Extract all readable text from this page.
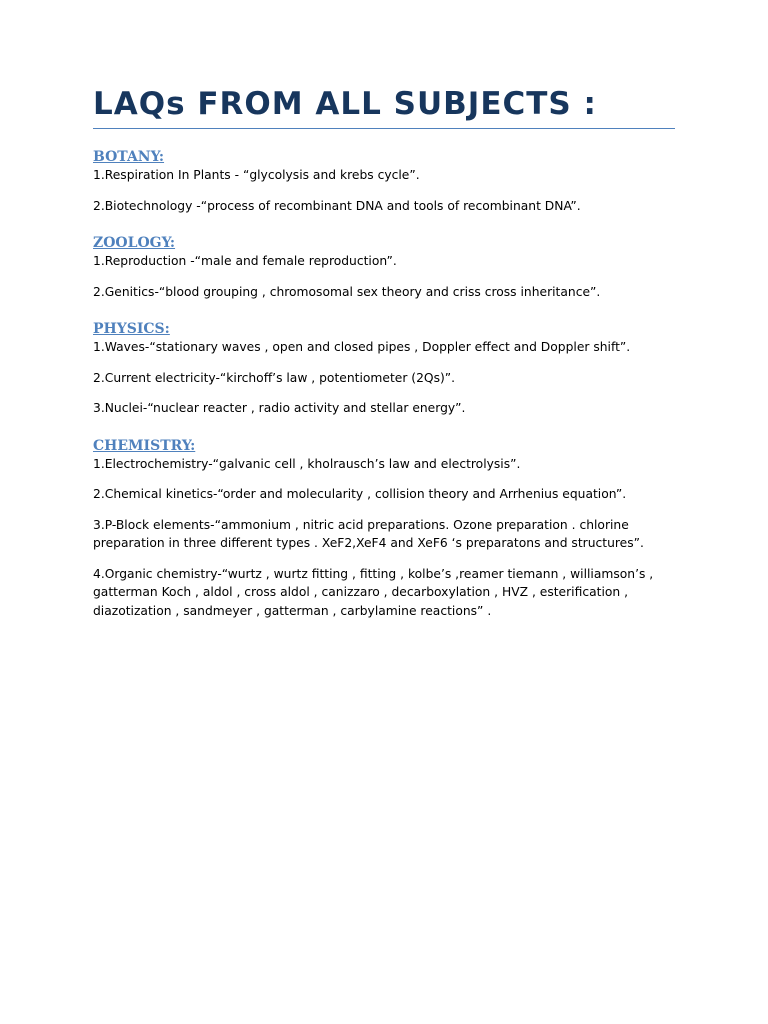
LAQs FROM ALL SUBJECTS :

BOTANY:

1.Respiration In Plants - “glycolysis and krebs cycle”.

2.Biotechnology -“process of recombinant DNA and tools of recombinant DNA”.

ZOOLOGY:

1.Reproduction -“male and female reproduction”.

2.Genitics-“blood grouping , chromosomal sex theory and criss cross inheritance”.

PHYSICS:

1.Waves-“stationary waves , open and closed pipes , Doppler effect and Doppler shift”.

2.Current electricity-“kirchoff’s law , potentiometer (2Qs)”.

3.Nuclei-“nuclear reacter , radio activity and stellar energy”.

CHEMISTRY:

1.Electrochemistry-“galvanic cell , kholrausch’s law and electrolysis”.

2.Chemical kinetics-“order and molecularity , collision theory and Arrhenius equation”.

3.P-Block elements-“ammonium , nitric acid preparations. Ozone preparation . chlorine preparation in three different types . XeF2,XeF4 and XeF6 ‘s preparatons and structures”.

4.Organic chemistry-“wurtz , wurtz fitting , fitting , kolbe’s ,reamer tiemann , williamson’s , gatterman Koch , aldol , cross aldol , canizzaro , decarboxylation , HVZ , esterification , diazotization , sandmeyer , gatterman , carbylamine reactions” .
